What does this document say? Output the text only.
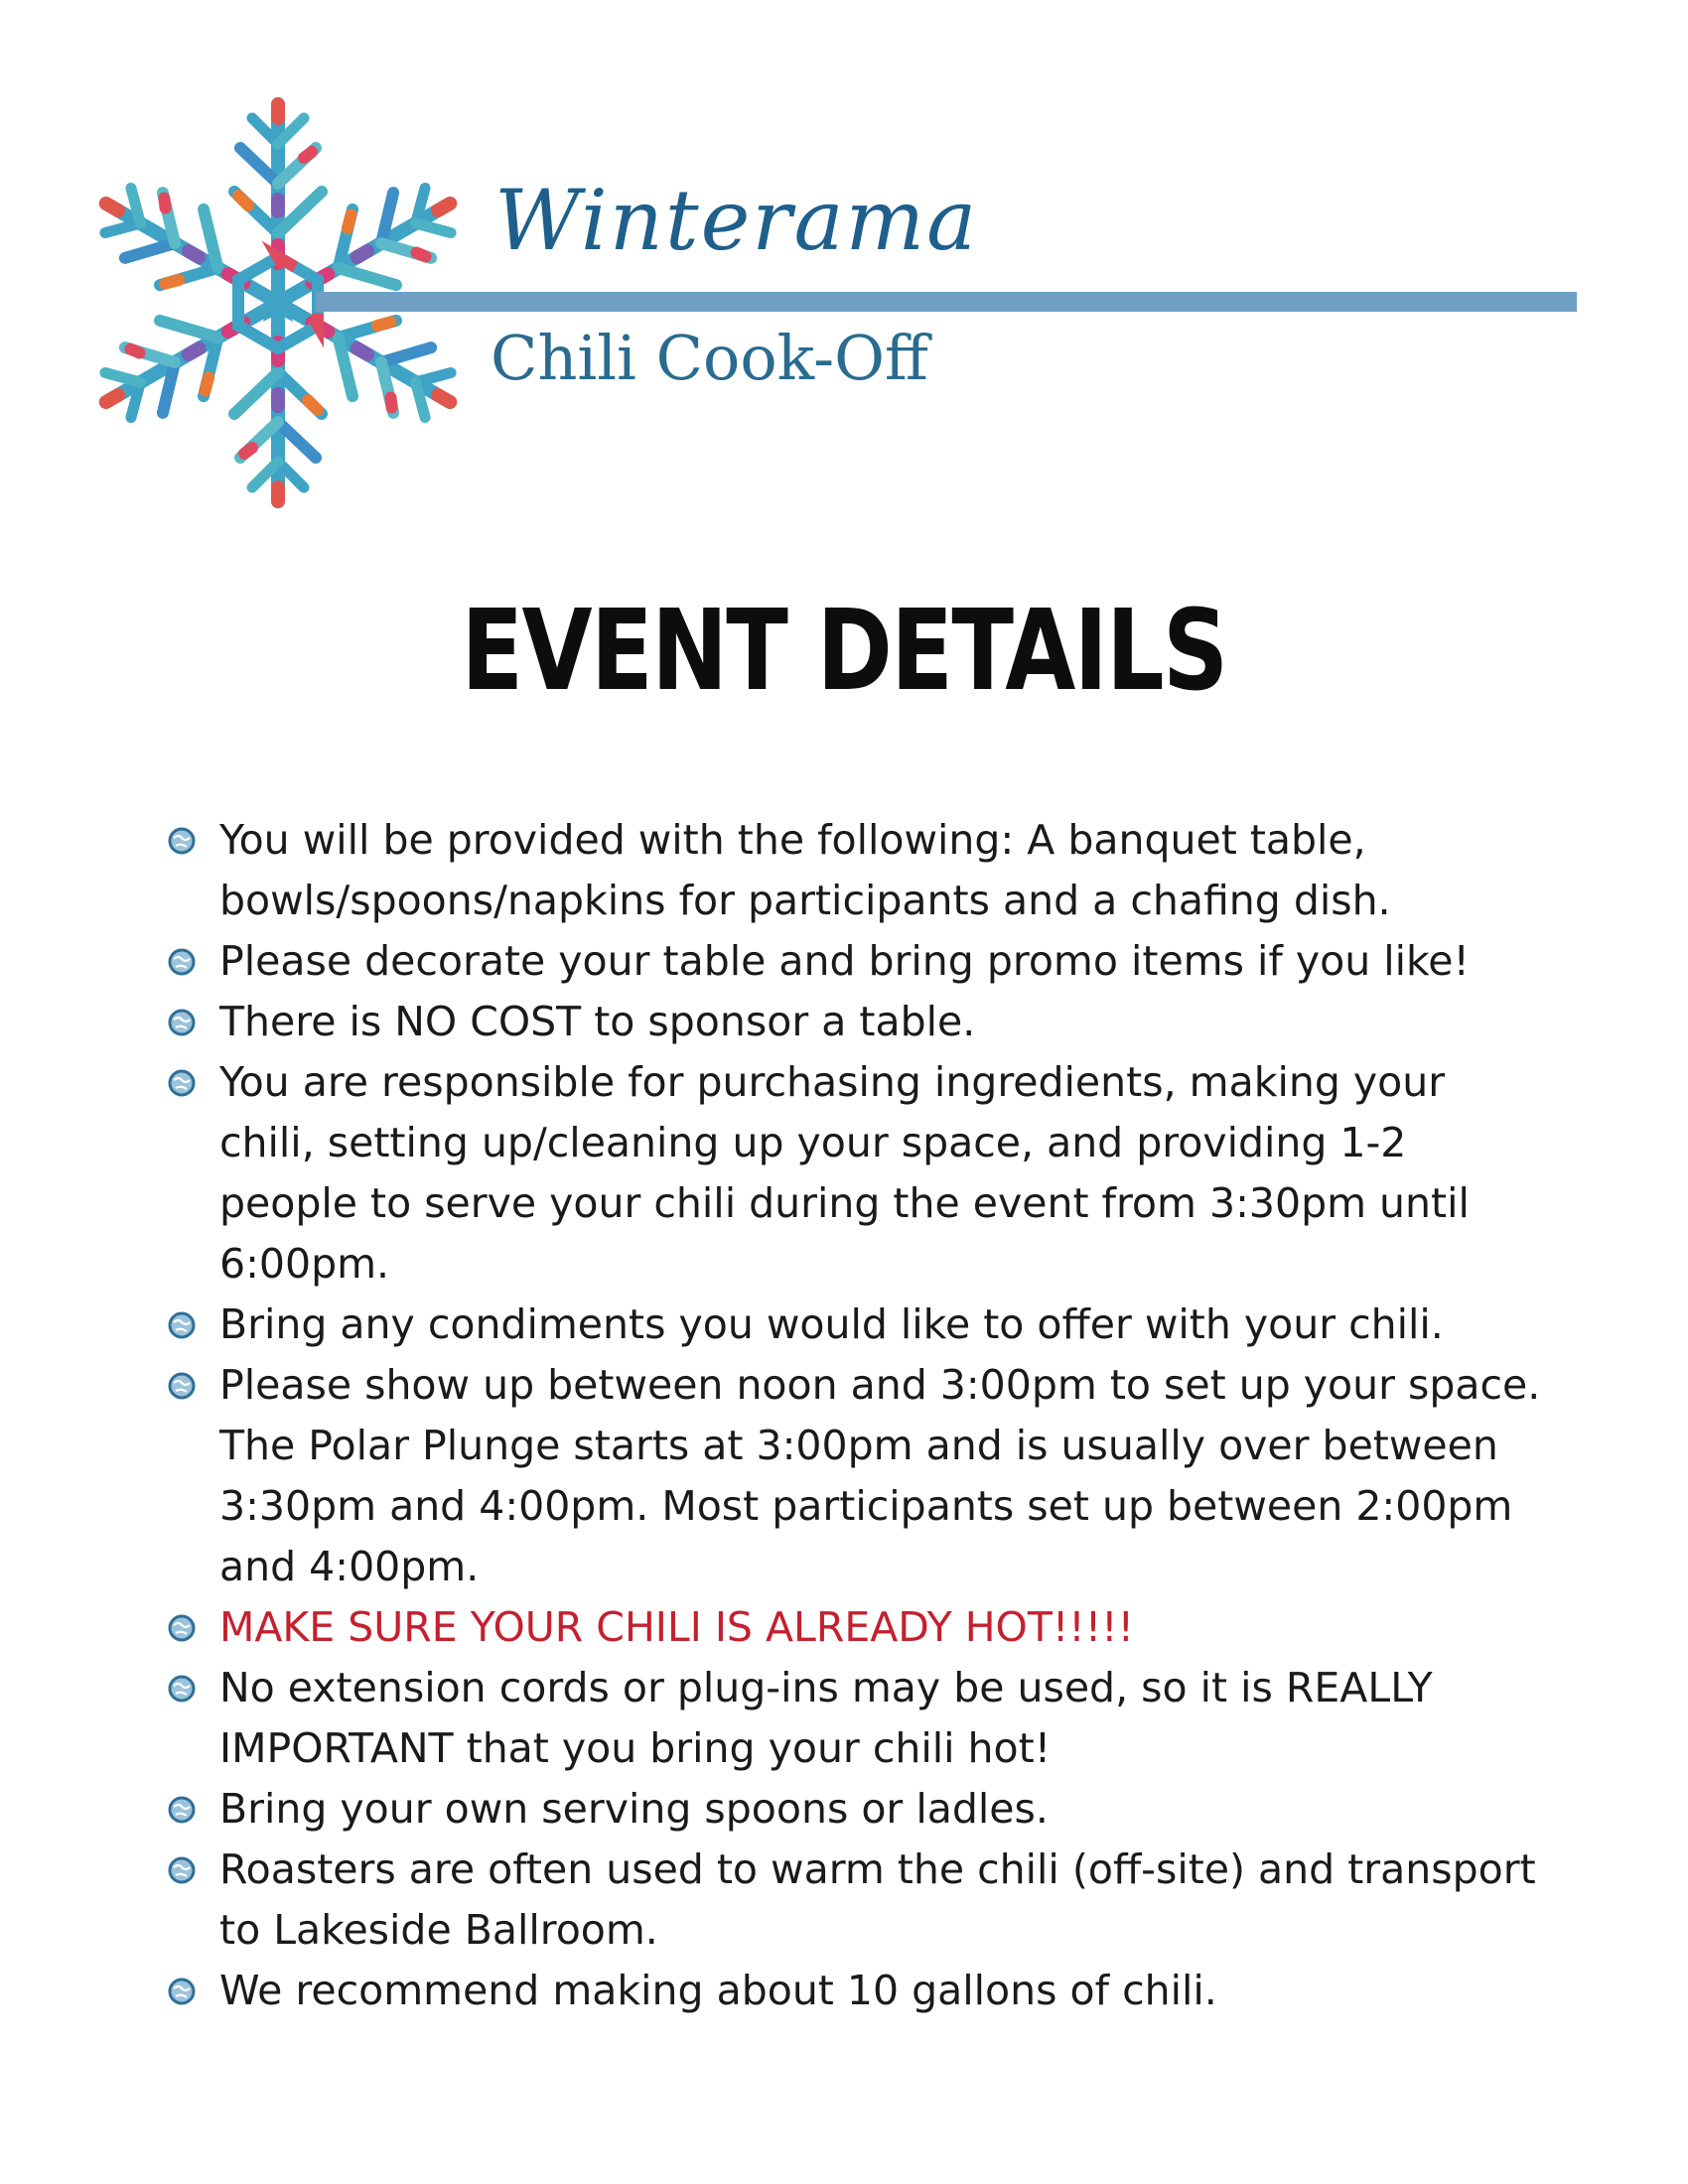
Winterama
Chili Cook-Off
EVENT DETAILS
You will be provided with the following: A banquet table, bowls/spoons/napkins for participants and a chafing dish.
Please decorate your table and bring promo items if you like!
There is NO COST to sponsor a table.
You are responsible for purchasing ingredients, making your chili, setting up/cleaning up your space, and providing 1-2 people to serve your chili during the event from 3:30pm until 6:00pm.
Bring any condiments you would like to offer with your chili.
Please show up between noon and 3:00pm to set up your space. The Polar Plunge starts at 3:00pm and is usually over between 3:30pm and 4:00pm. Most participants set up between 2:00pm and 4:00pm.
MAKE SURE YOUR CHILI IS ALREADY HOT!!!!!
No extension cords or plug-ins may be used, so it is REALLY IMPORTANT that you bring your chili hot!
Bring your own serving spoons or ladles.
Roasters are often used to warm the chili (off-site) and transport to Lakeside Ballroom.
We recommend making about 10 gallons of chili.
